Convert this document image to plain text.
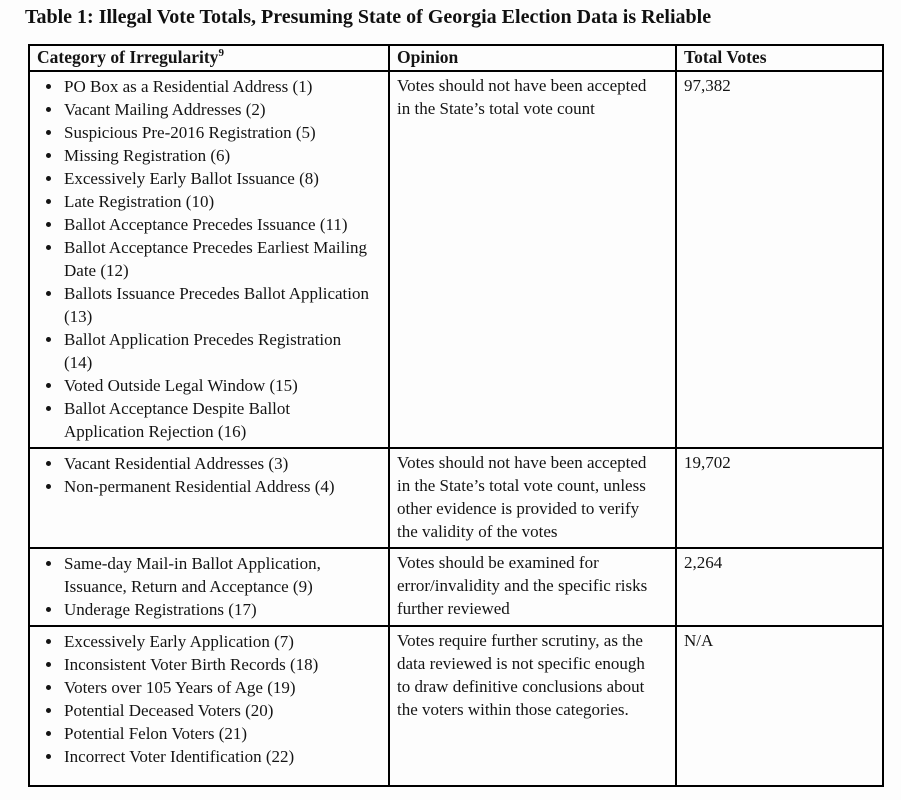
Table 1: Illegal Vote Totals, Presuming State of Georgia Election Data is Reliable
Category of Irregularity$^9$	Opinion	Total Votes

• PO Box as a Residential Address (1)
• Vacant Mailing Addresses (2)
• Suspicious Pre-2016 Registration (5)
• Missing Registration (6)
• Excessively Early Ballot Issuance (8)
• Late Registration (10)
• Ballot Acceptance Precedes Issuance (11)
• Ballot Acceptance Precedes Earliest Mailing Date (12)
• Ballots Issuance Precedes Ballot Application (13)
• Ballot Application Precedes Registration (14)
• Voted Outside Legal Window (15)
• Ballot Acceptance Despite Ballot Application Rejection (16)
	Votes should not have been accepted in the State’s total vote count	97,382

• Vacant Residential Addresses (3)
• Non-permanent Residential Address (4)
	Votes should not have been accepted in the State’s total vote count, unless other evidence is provided to verify the validity of the votes	19,702

• Same-day Mail-in Ballot Application, Issuance, Return and Acceptance (9)
• Underage Registrations (17)
	Votes should be examined for error/invalidity and the specific risks further reviewed	2,264

• Excessively Early Application (7)
• Inconsistent Voter Birth Records (18)
• Voters over 105 Years of Age (19)
• Potential Deceased Voters (20)
• Potential Felon Voters (21)
• Incorrect Voter Identification (22)
	Votes require further scrutiny, as the data reviewed is not specific enough to draw definitive conclusions about the voters within those categories.	N/A
